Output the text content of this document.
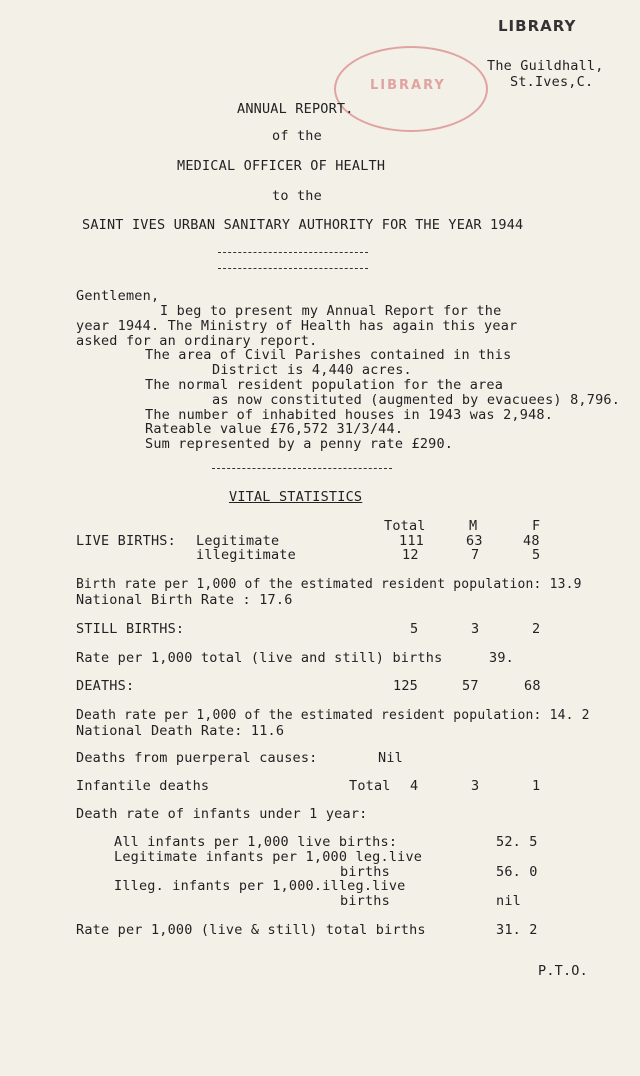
LIBRARY
LIBRARY
The Guildhall,
St.Ives,C.
ANNUAL REPORT.
of the
MEDICAL OFFICER OF HEALTH
to the
SAINT IVES URBAN SANITARY AUTHORITY FOR THE YEAR 1944
Gentlemen,
I beg to present my Annual Report for the
year 1944. The Ministry of Health has again this year
asked for an ordinary report.
The area of Civil Parishes contained in this
District is 4,440 acres.
The normal resident population for the area
as now constituted (augmented by evacuees) 8,796.
The number of inhabited houses in 1943 was 2,948.
Rateable value £76,572 31/3/44.
Sum represented by a penny rate £290.
VITAL STATISTICS
Total	M	F
LIVE BIRTHS: Legitimate	111	63	48
illegitimate	12	7	5
Birth rate per 1,000 of the estimated resident population: 13.9
National Birth Rate : 17.6
STILL BIRTHS:	5	3	2
Rate per 1,000 total (live and still) births	39.
DEATHS:	125	57	68
Death rate per 1,000 of the estimated resident population: 14. 2
National Death Rate: 11.6
Deaths from puerperal causes:	Nil
Infantile deaths	Total 4	3	1
Death rate of infants under 1 year:
All infants per 1,000 live births:	52. 5
Legitimate infants per 1,000 leg.live
births	56. 0
Illeg. infants per 1,000.illeg.live
births	nil
Rate per 1,000 (live & still) total births	31. 2
P.T.O.
